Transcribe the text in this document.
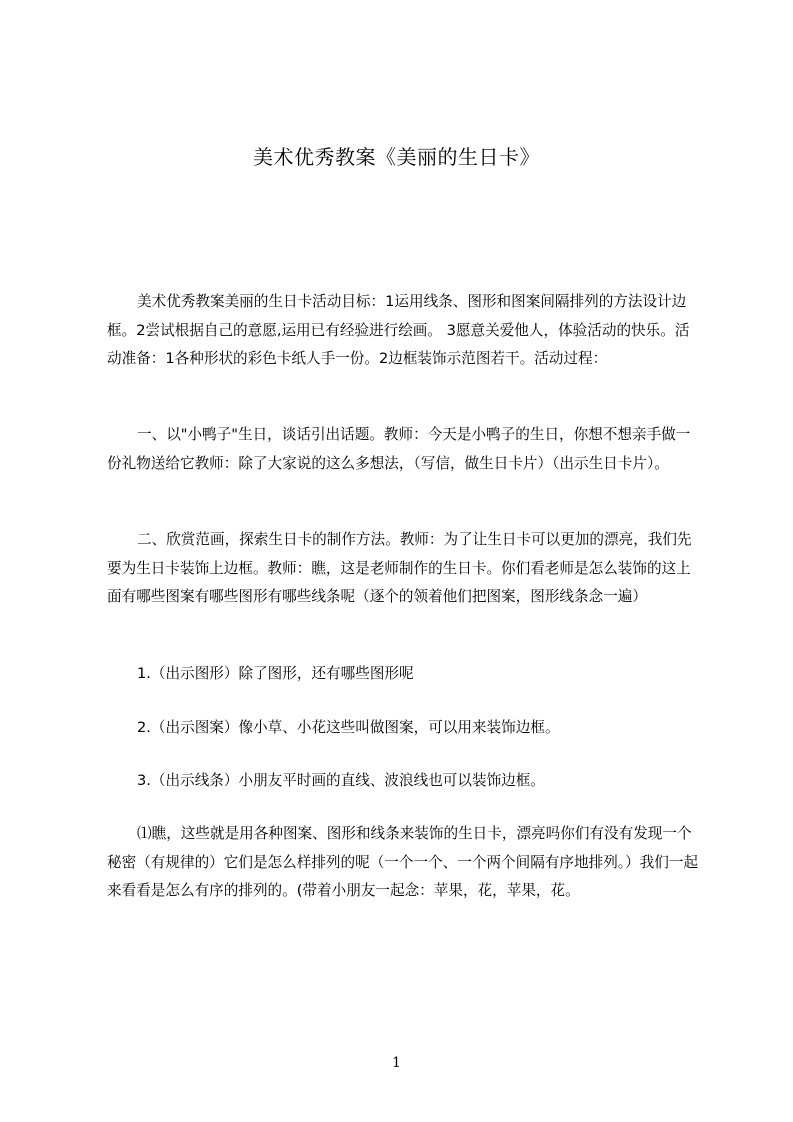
美术优秀教案《美丽的生日卡》

美术优秀教案美丽的生日卡活动目标：1运用线条、图形和图案间隔排列的方法设计边框。2尝试根据自己的意愿,运用已有经验进行绘画。 3愿意关爱他人，体验活动的快乐。活动准备：1各种形状的彩色卡纸人手一份。2边框装饰示范图若干。活动过程：

一、以"小鸭子"生日，谈话引出话题。教师：今天是小鸭子的生日，你想不想亲手做一份礼物送给它教师：除了大家说的这么多想法，（写信，做生日卡片）（出示生日卡片）。

二、欣赏范画，探索生日卡的制作方法。教师：为了让生日卡可以更加的漂亮，我们先要为生日卡装饰上边框。教师：瞧，这是老师制作的生日卡。你们看老师是怎么装饰的这上面有哪些图案有哪些图形有哪些线条呢（逐个的领着他们把图案，图形线条念一遍）

1.（出示图形）除了图形，还有哪些图形呢

2.（出示图案）像小草、小花这些叫做图案，可以用来装饰边框。

3.（出示线条）小朋友平时画的直线、波浪线也可以装饰边框。

⑴瞧，这些就是用各种图案、图形和线条来装饰的生日卡，漂亮吗你们有没有发现一个秘密（有规律的）它们是怎么样排列的呢（一个一个、一个两个间隔有序地排列。）我们一起来看看是怎么有序的排列的。(带着小朋友一起念：苹果，花，苹果，花。

1
